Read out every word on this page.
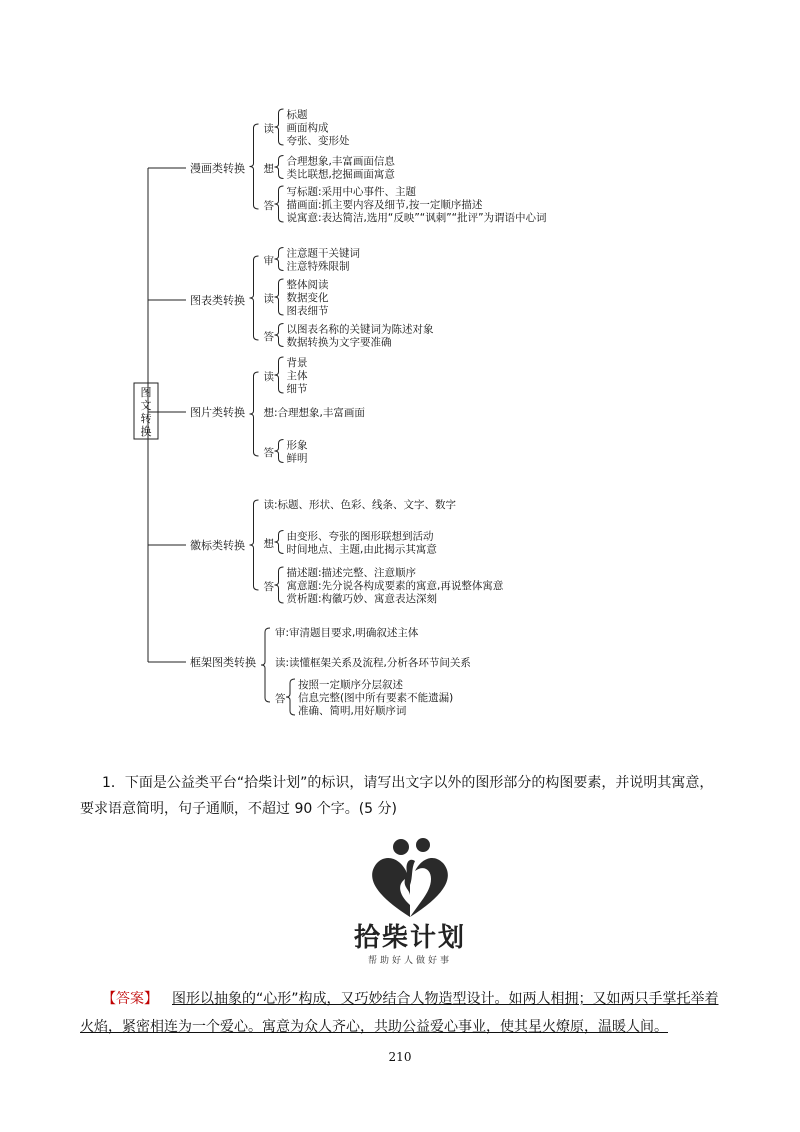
图
文
转
换
漫画类转换
读
标题
画面构成
夸张、变形处
想
合理想象,丰富画面信息
类比联想,挖掘画面寓意
答
写标题:采用中心事件、主题
描画面:抓主要内容及细节,按一定顺序描述
说寓意:表达简洁,选用“反映”“讽刺”“批评”为谓语中心词
图表类转换
审
注意题干关键词
注意特殊限制
读
整体阅读
数据变化
图表细节
答
以图表名称的关键词为陈述对象
数据转换为文字要准确
图片类转换
读
背景
主体
细节
想:合理想象,丰富画面
答
形象
鲜明
徽标类转换
读:标题、形状、色彩、线条、文字、数字
想
由变形、夸张的图形联想到活动
时间地点、主题,由此揭示其寓意
答
描述题:描述完整、注意顺序
寓意题:先分说各构成要素的寓意,再说整体寓意
赏析题:构徽巧妙、寓意表达深刻
框架图类转换
审:审清题目要求,明确叙述主体
读:读懂框架关系及流程,分析各环节间关系
答
按照一定顺序分层叙述
信息完整(图中所有要素不能遗漏)
准确、简明,用好顺序词
1．下面是公益类平台“拾柴计划”的标识，请写出文字以外的图形部分的构图要素，并说明其寓意，
要求语意简明，句子通顺，不超过 90 个字。(5 分)
拾柴计划
帮助好人做好事
【答案】 图形以抽象的“心形”构成，又巧妙结合人物造型设计。如两人相拥；又如两只手掌托举着火焰，紧密相连为一个爱心。寓意为众人齐心，共助公益爱心事业，使其星火燎原，温暖人间。
210
